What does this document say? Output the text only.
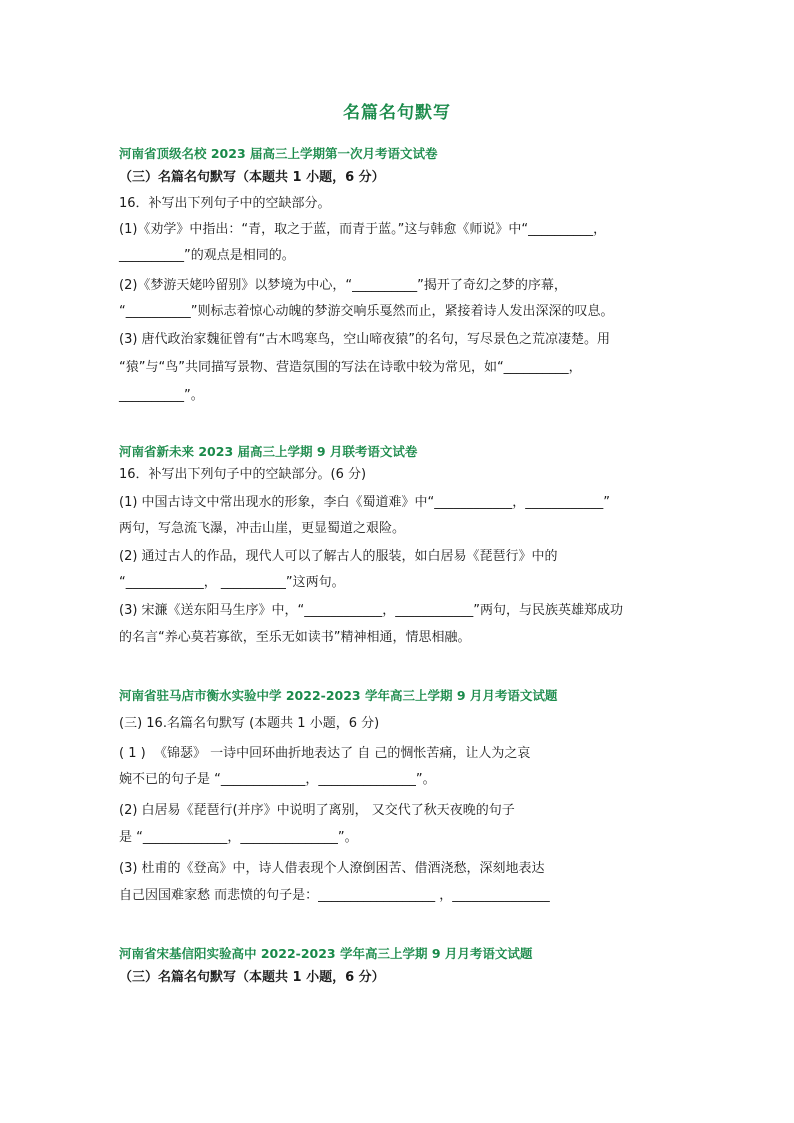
名篇名句默写
河南省顶级名校 2023 届高三上学期第一次月考语文试卷
（三）名篇名句默写（本题共 1 小题，6 分）
16．补写出下列句子中的空缺部分。
(1)《劝学》中指出：“青，取之于蓝，而青于蓝。”这与韩愈《师说》中“__________，
__________”的观点是相同的。
(2)《梦游天姥吟留别》以梦境为中心，“__________”揭开了奇幻之梦的序幕，
“__________”则标志着惊心动魄的梦游交响乐戛然而止，紧接着诗人发出深深的叹息。
(3) 唐代政治家魏征曾有“古木鸣寒鸟，空山啼夜猿”的名句，写尽景色之荒凉凄楚。用
“猿”与“鸟”共同描写景物、营造氛围的写法在诗歌中较为常见，如“__________，
__________”。
河南省新未来 2023 届高三上学期 9 月联考语文试卷
16．补写出下列句子中的空缺部分。(6 分)
(1) 中国古诗文中常出现水的形象，李白《蜀道难》中“____________，____________”
两句，写急流飞瀑，冲击山崖，更显蜀道之艰险。
(2) 通过古人的作品，现代人可以了解古人的服装，如白居易《琵琶行》中的
“____________， __________”这两句。
(3) 宋濂《送东阳马生序》中，“____________，____________”两句，与民族英雄郑成功
的名言“养心莫若寡欲，至乐无如读书”精神相通，情思相融。
河南省驻马店市衡水实验中学 2022-2023 学年高三上学期 9 月月考语文试题
(三) 16.名篇名句默写 (本题共 1 小题，6 分)
( 1 )  《锦瑟》 一诗中回环曲折地表达了 自 己的惆怅苦痛，让人为之哀
婉不已的句子是 “_____________，_______________”。
(2) 白居易《琵琶行(并序》中说明了离别， 又交代了秋天夜晚的句子
是 “_____________，_______________”。
(3) 杜甫的《登高》中，诗人借表现个人潦倒困苦、借酒浇愁，深刻地表达
自己因国难家愁 而悲愤的句子是：__________________ ，_______________
河南省宋基信阳实验高中 2022-2023 学年高三上学期 9 月月考语文试题
（三）名篇名句默写（本题共 1 小题，6 分）
